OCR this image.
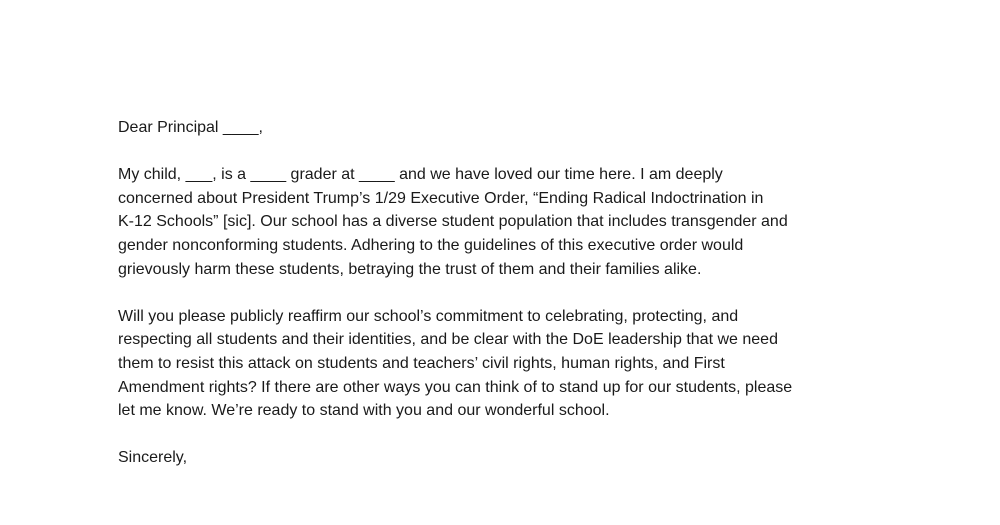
Dear Principal ____,
My child, ___, is a ____ grader at ____ and we have loved our time here. I am deeply
concerned about President Trump’s 1/29 Executive Order, “Ending Radical Indoctrination in
K-12 Schools” [sic]. Our school has a diverse student population that includes transgender and
gender nonconforming students. Adhering to the guidelines of this executive order would
grievously harm these students, betraying the trust of them and their families alike.
Will you please publicly reaffirm our school’s commitment to celebrating, protecting, and
respecting all students and their identities, and be clear with the DoE leadership that we need
them to resist this attack on students and teachers’ civil rights, human rights, and First
Amendment rights? If there are other ways you can think of to stand up for our students, please
let me know. We’re ready to stand with you and our wonderful school.
Sincerely,
